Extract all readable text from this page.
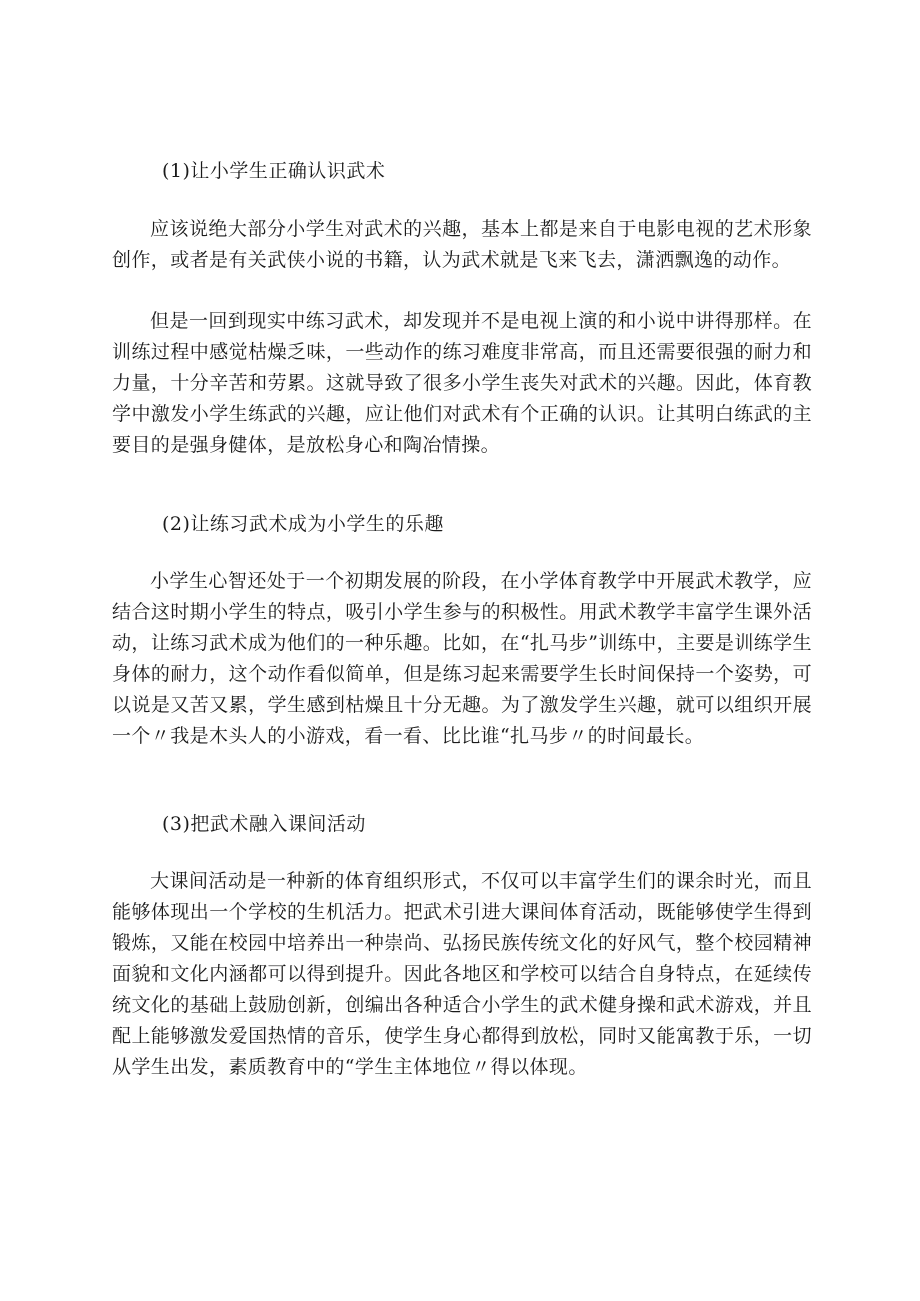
(1)让小学生正确认识武术

应该说绝大部分小学生对武术的兴趣，基本上都是来自于电影电视的艺术形象创作，或者是有关武侠小说的书籍，认为武术就是飞来飞去，潇洒飘逸的动作。

但是一回到现实中练习武术，却发现并不是电视上演的和小说中讲得那样。在训练过程中感觉枯燥乏味，一些动作的练习难度非常高，而且还需要很强的耐力和力量，十分辛苦和劳累。这就导致了很多小学生丧失对武术的兴趣。因此，体育教学中激发小学生练武的兴趣，应让他们对武术有个正确的认识。让其明白练武的主要目的是强身健体，是放松身心和陶冶情操。

(2)让练习武术成为小学生的乐趣

小学生心智还处于一个初期发展的阶段，在小学体育教学中开展武术教学，应结合这时期小学生的特点，吸引小学生参与的积极性。用武术教学丰富学生课外活动，让练习武术成为他们的一种乐趣。比如，在“扎马步”训练中，主要是训练学生身体的耐力，这个动作看似简单，但是练习起来需要学生长时间保持一个姿势，可以说是又苦又累，学生感到枯燥且十分无趣。为了激发学生兴趣，就可以组织开展一个〃我是木头人的小游戏，看一看、比比谁“扎马步〃的时间最长。

(3)把武术融入课间活动

大课间活动是一种新的体育组织形式，不仅可以丰富学生们的课余时光，而且能够体现出一个学校的生机活力。把武术引进大课间体育活动，既能够使学生得到锻炼，又能在校园中培养出一种崇尚、弘扬民族传统文化的好风气，整个校园精神面貌和文化内涵都可以得到提升。因此各地区和学校可以结合自身特点，在延续传统文化的基础上鼓励创新，创编出各种适合小学生的武术健身操和武术游戏，并且配上能够激发爱国热情的音乐，使学生身心都得到放松，同时又能寓教于乐，一切从学生出发，素质教育中的“学生主体地位〃得以体现。
